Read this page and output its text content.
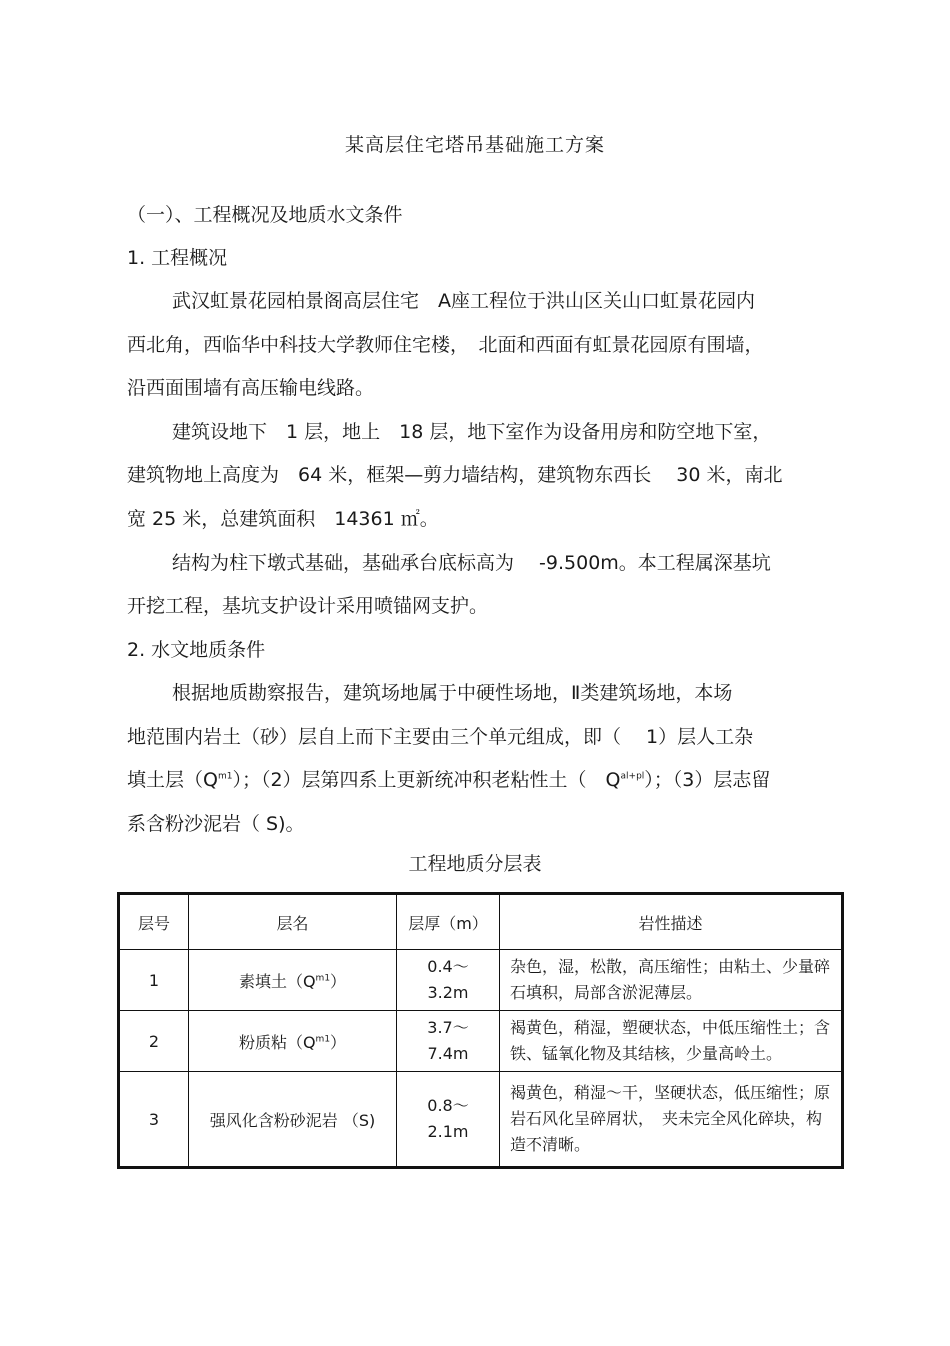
某高层住宅塔吊基础施工方案
（一）、工程概况及地质水文条件
1. 工程概况
武汉虹景花园柏景阁高层住宅　A座工程位于洪山区关山口虹景花园内
西北角，西临华中科技大学教师住宅楼，　北面和西面有虹景花园原有围墙，
沿西面围墙有高压输电线路。
建筑设地下　1 层，地上　18 层，地下室作为设备用房和防空地下室，
建筑物地上高度为　64 米，框架—剪力墙结构，建筑物东西长　 30 米，南北
宽 25 米，总建筑面积　14361 ㎡。
结构为柱下墩式基础，基础承台底标高为　 -9.500m。本工程属深基坑
开挖工程，基坑支护设计采用喷锚网支护。
2. 水文地质条件
根据地质勘察报告，建筑场地属于中硬性场地，Ⅱ类建筑场地，本场
地范围内岩土（砂）层自上而下主要由三个单元组成，即（　 1）层人工杂
填土层$(Q^{m1})$；（2）层第四系上更新统冲积老粘性土（　$Q^{al+pl}$）；（3）层志留
系含粉沙泥岩（ S)。
工程地质分层表
层号	层名	层厚（m）	岩性描述
1	素填土$(Q^{m1})$	0.4～ 3.2m	杂色，湿，松散，高压缩性；由粘土、少量碎石填积，局部含淤泥薄层。
2	粉质粘$(Q^{m1})$	3.7～ 7.4m	褐黄色，稍湿，塑硬状态，中低压缩性土；含铁、锰氧化物及其结核，少量高岭土。
3	强风化含粉砂泥岩 （S)	0.8～ 2.1m	褐黄色，稍湿～干，坚硬状态，低压缩性；原岩石风化呈碎屑状，　夹未完全风化碎块，构造不清晰。
